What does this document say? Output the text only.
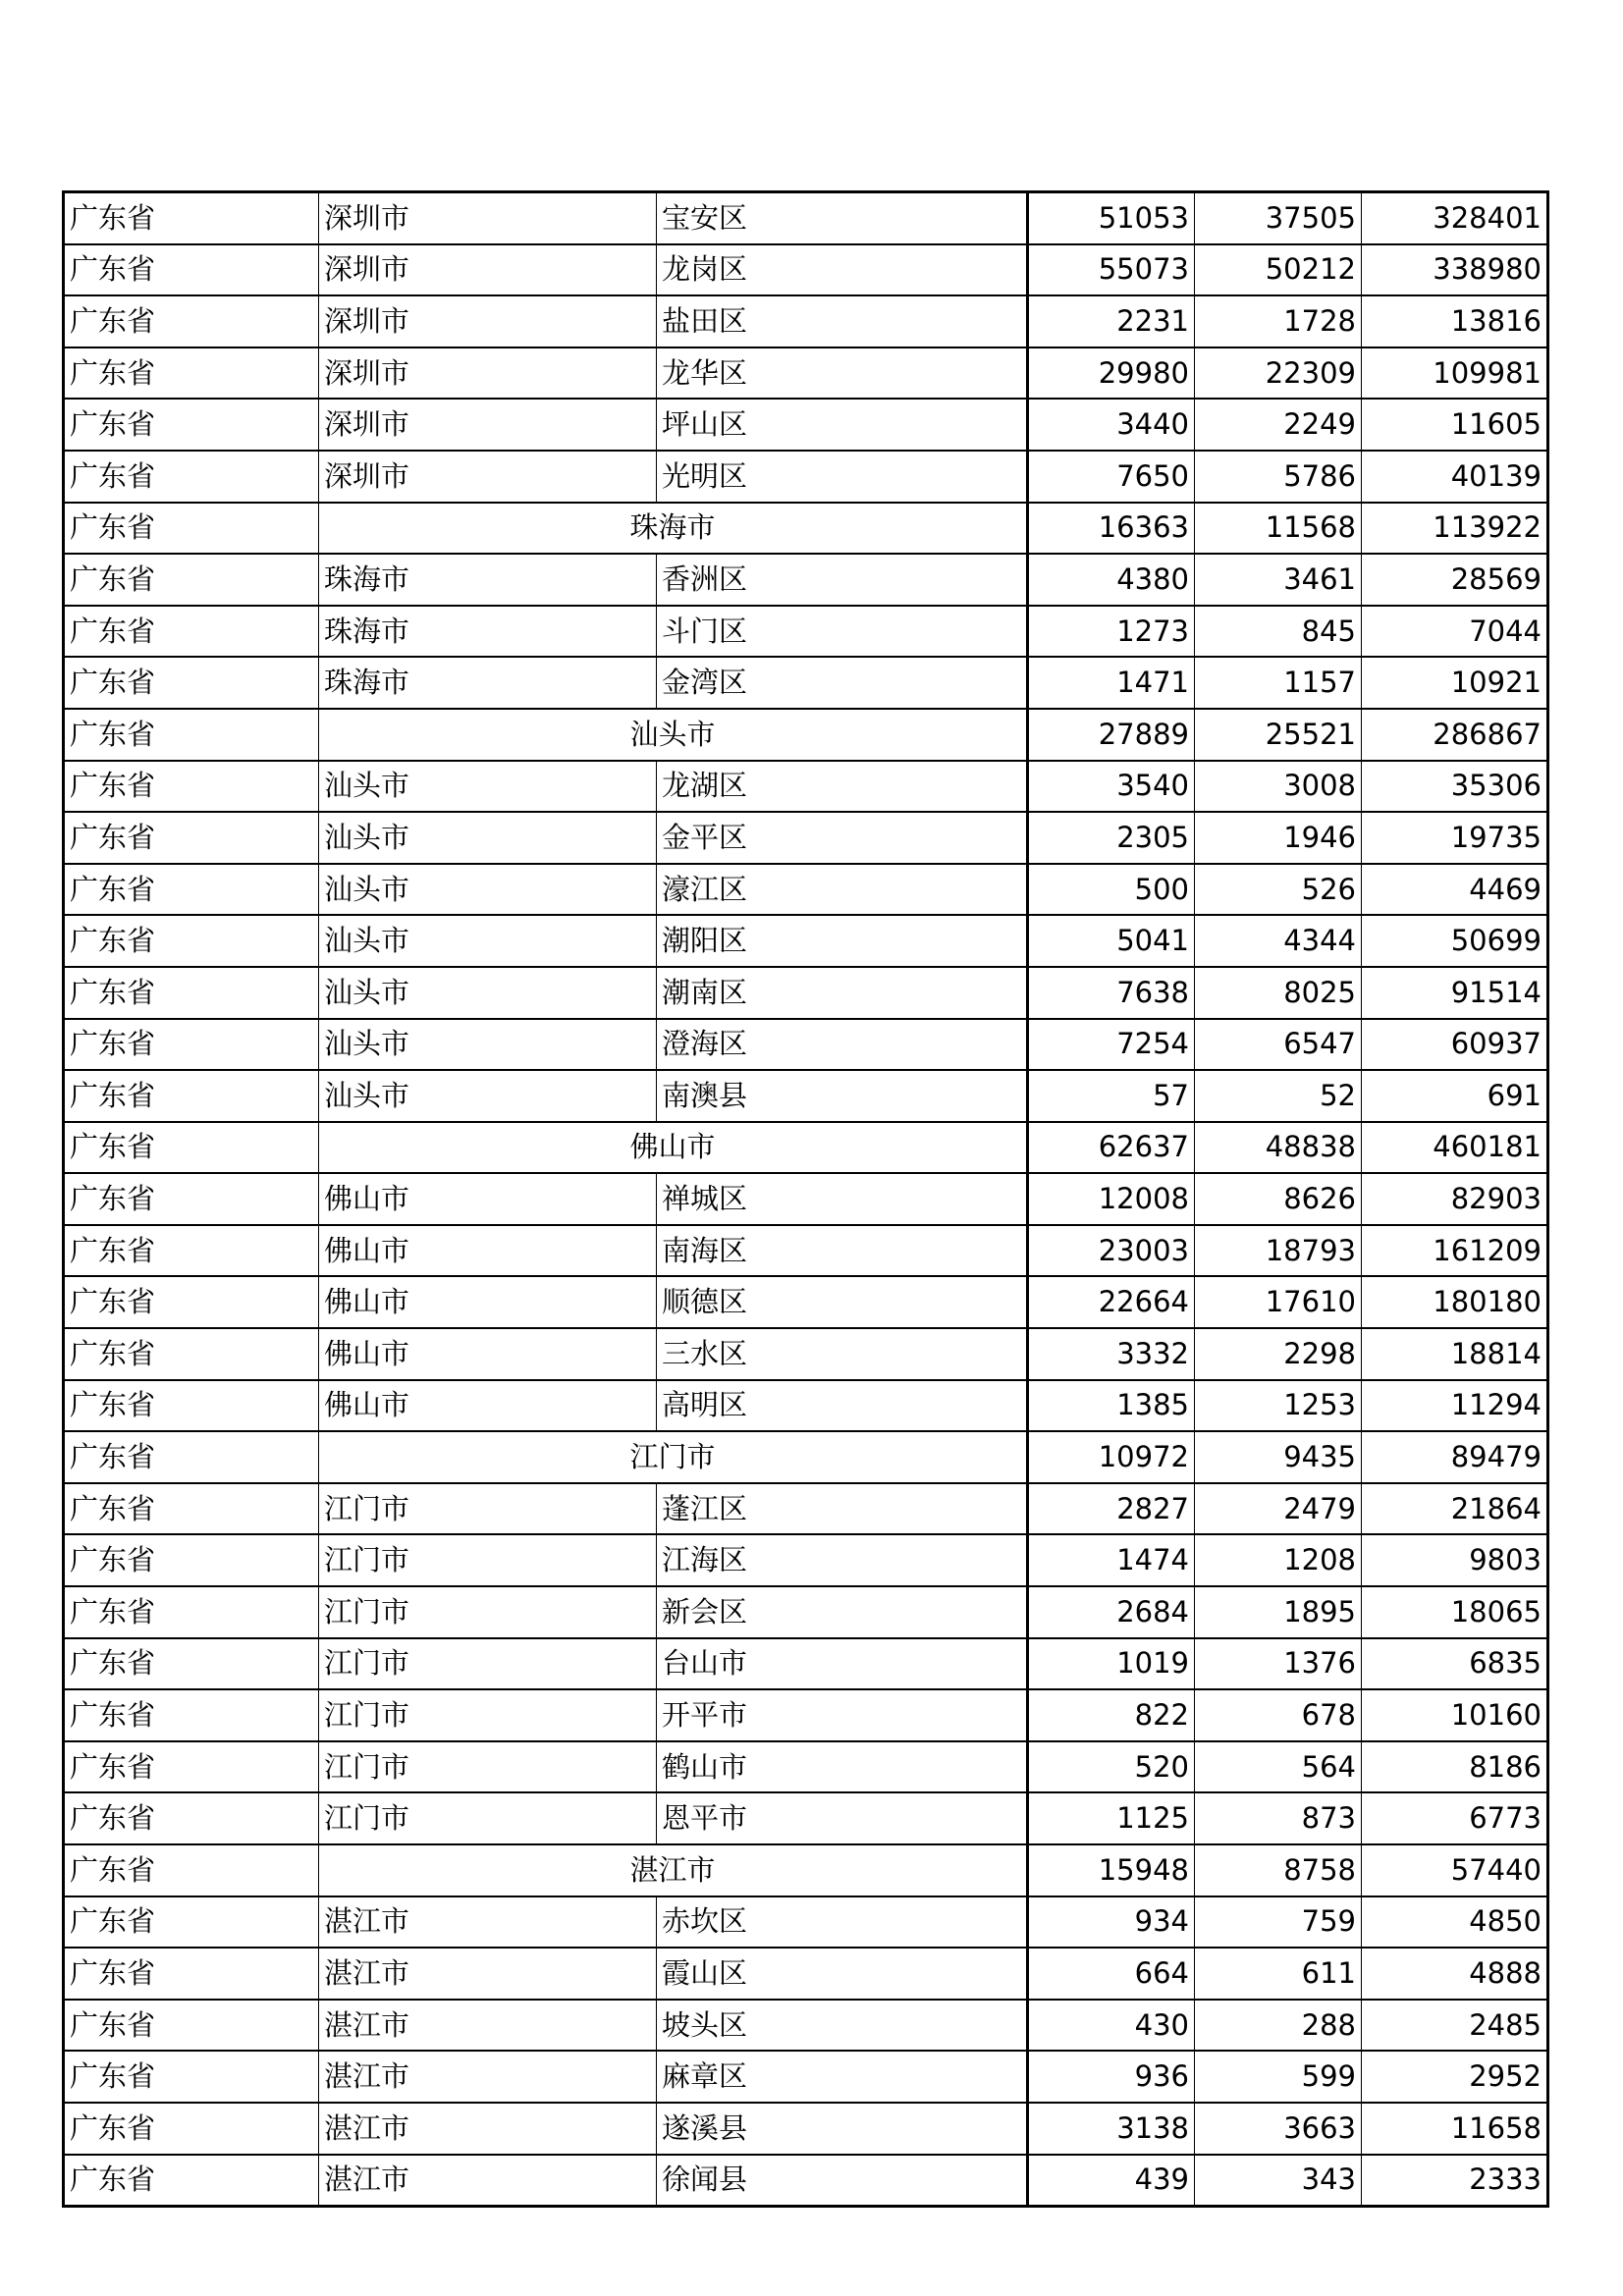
广东省	深圳市	宝安区	51053	37505	328401
广东省	深圳市	龙岗区	55073	50212	338980
广东省	深圳市	盐田区	2231	1728	13816
广东省	深圳市	龙华区	29980	22309	109981
广东省	深圳市	坪山区	3440	2249	11605
广东省	深圳市	光明区	7650	5786	40139
广东省	珠海市		16363	11568	113922
广东省	珠海市	香洲区	4380	3461	28569
广东省	珠海市	斗门区	1273	845	7044
广东省	珠海市	金湾区	1471	1157	10921
广东省	汕头市		27889	25521	286867
广东省	汕头市	龙湖区	3540	3008	35306
广东省	汕头市	金平区	2305	1946	19735
广东省	汕头市	濠江区	500	526	4469
广东省	汕头市	潮阳区	5041	4344	50699
广东省	汕头市	潮南区	7638	8025	91514
广东省	汕头市	澄海区	7254	6547	60937
广东省	汕头市	南澳县	57	52	691
广东省	佛山市		62637	48838	460181
广东省	佛山市	禅城区	12008	8626	82903
广东省	佛山市	南海区	23003	18793	161209
广东省	佛山市	顺德区	22664	17610	180180
广东省	佛山市	三水区	3332	2298	18814
广东省	佛山市	高明区	1385	1253	11294
广东省	江门市		10972	9435	89479
广东省	江门市	蓬江区	2827	2479	21864
广东省	江门市	江海区	1474	1208	9803
广东省	江门市	新会区	2684	1895	18065
广东省	江门市	台山市	1019	1376	6835
广东省	江门市	开平市	822	678	10160
广东省	江门市	鹤山市	520	564	8186
广东省	江门市	恩平市	1125	873	6773
广东省	湛江市		15948	8758	57440
广东省	湛江市	赤坎区	934	759	4850
广东省	湛江市	霞山区	664	611	4888
广东省	湛江市	坡头区	430	288	2485
广东省	湛江市	麻章区	936	599	2952
广东省	湛江市	遂溪县	3138	3663	11658
广东省	湛江市	徐闻县	439	343	2333
